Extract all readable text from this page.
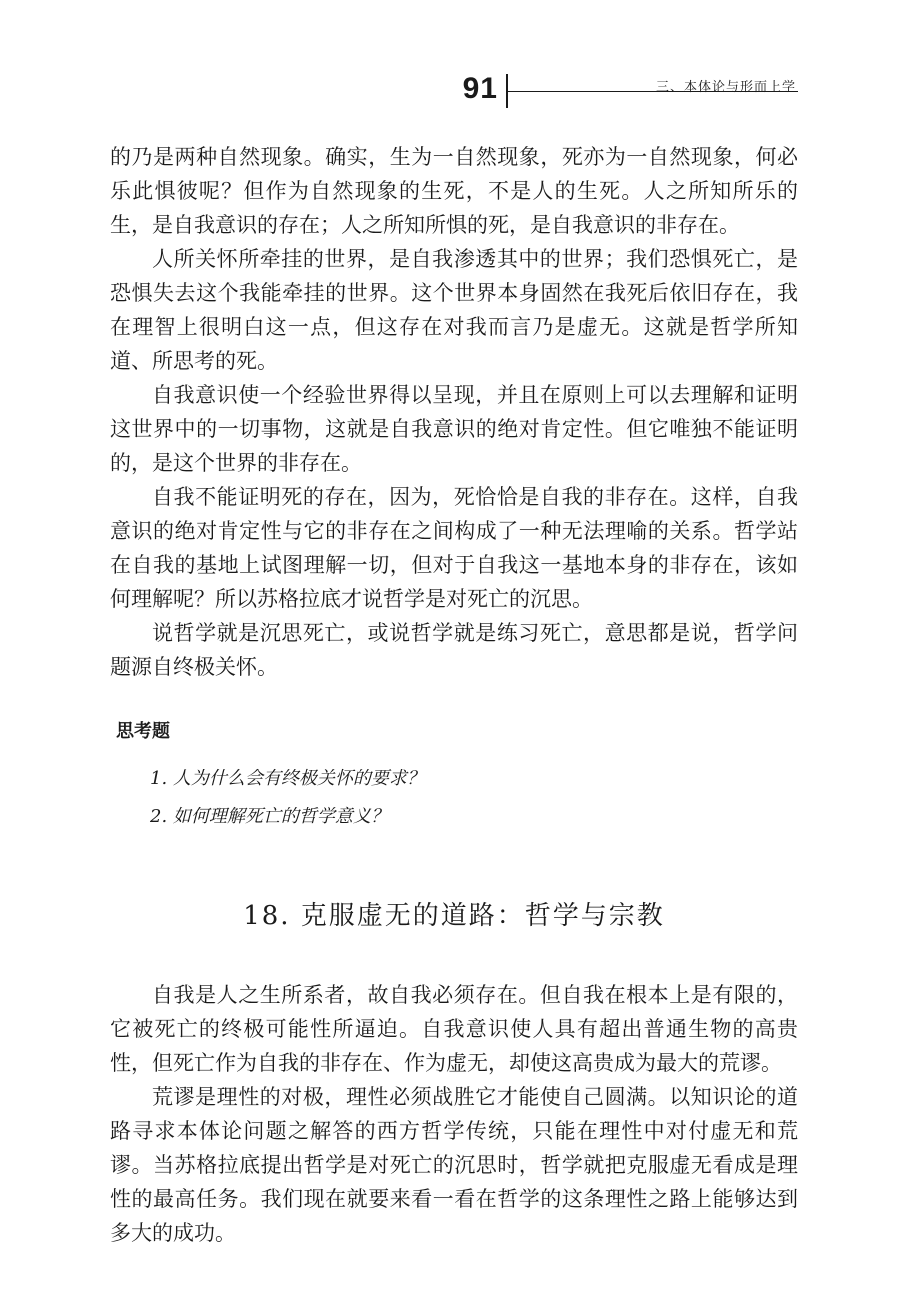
91	三、本体论与形而上学

的乃是两种自然现象。确实，生为一自然现象，死亦为一自然现象，何必乐此惧彼呢？但作为自然现象的生死，不是人的生死。人之所知所乐的生，是自我意识的存在；人之所知所惧的死，是自我意识的非存在。

人所关怀所牵挂的世界，是自我渗透其中的世界；我们恐惧死亡，是恐惧失去这个我能牵挂的世界。这个世界本身固然在我死后依旧存在，我在理智上很明白这一点，但这存在对我而言乃是虚无。这就是哲学所知道、所思考的死。

自我意识使一个经验世界得以呈现，并且在原则上可以去理解和证明这世界中的一切事物，这就是自我意识的绝对肯定性。但它唯独不能证明的，是这个世界的非存在。

自我不能证明死的存在，因为，死恰恰是自我的非存在。这样，自我意识的绝对肯定性与它的非存在之间构成了一种无法理喻的关系。哲学站在自我的基地上试图理解一切，但对于自我这一基地本身的非存在，该如何理解呢？所以苏格拉底才说哲学是对死亡的沉思。

说哲学就是沉思死亡，或说哲学就是练习死亡，意思都是说，哲学问题源自终极关怀。

思考题
1. 人为什么会有终极关怀的要求？
2. 如何理解死亡的哲学意义？
18. 克服虚无的道路：哲学与宗教

自我是人之生所系者，故自我必须存在。但自我在根本上是有限的，它被死亡的终极可能性所逼迫。自我意识使人具有超出普通生物的高贵性，但死亡作为自我的非存在、作为虚无，却使这高贵成为最大的荒谬。

荒谬是理性的对极，理性必须战胜它才能使自己圆满。以知识论的道路寻求本体论问题之解答的西方哲学传统，只能在理性中对付虚无和荒谬。当苏格拉底提出哲学是对死亡的沉思时，哲学就把克服虚无看成是理性的最高任务。我们现在就要来看一看在哲学的这条理性之路上能够达到多大的成功。
